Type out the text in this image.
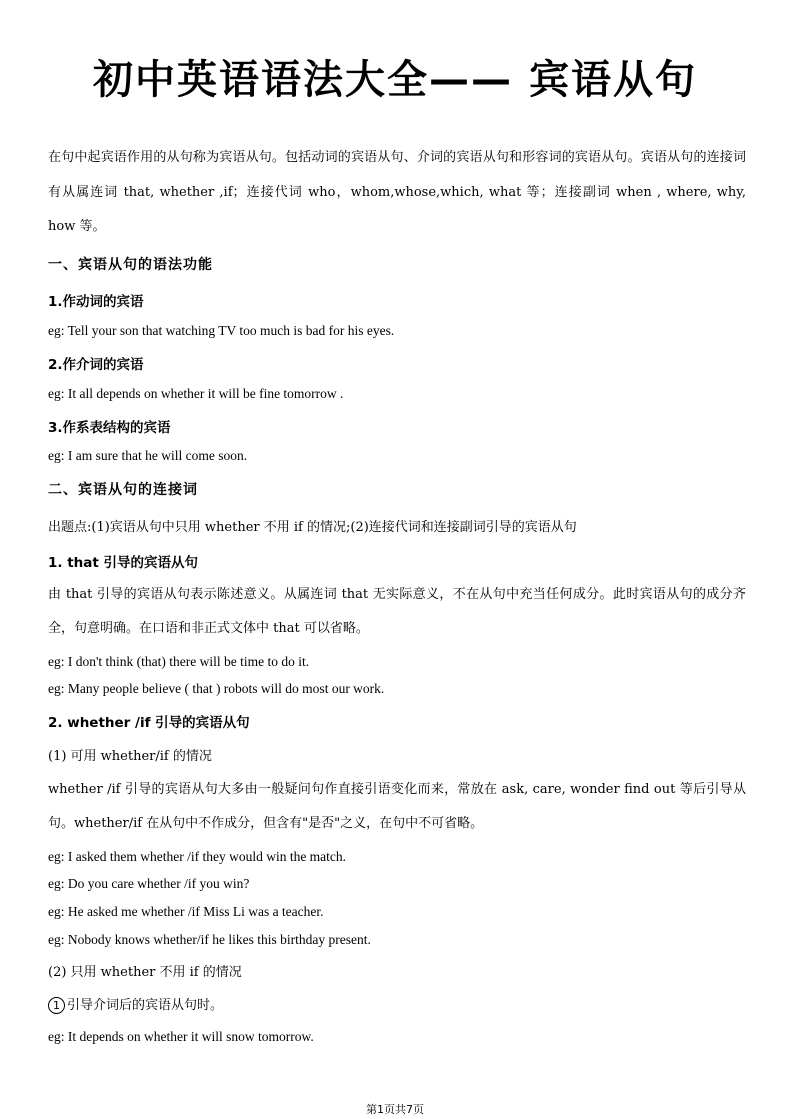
初中英语语法大全—— 宾语从句
在句中起宾语作用的从句称为宾语从句。包括动词的宾语从句、介词的宾语从句和形容词的宾语从句。宾语从句的连接词有从属连词 that, whether ,if；连接代词 who，whom,whose,which, what 等；连接副词 when , where, why, how 等。
一、宾语从句的语法功能
1.作动词的宾语
eg: Tell your son that watching TV too much is bad for his eyes.
2.作介词的宾语
eg: It all depends on whether it will be fine tomorrow .
3.作系表结构的宾语
eg: I am sure that he will come soon.
二、宾语从句的连接词
出题点:(1)宾语从句中只用 whether 不用 if 的情况;(2)连接代词和连接副词引导的宾语从句
1. that 引导的宾语从句
由 that 引导的宾语从句表示陈述意义。从属连词 that 无实际意义，不在从句中充当任何成分。此时宾语从句的成分齐全，句意明确。在口语和非正式文体中 that 可以省略。
eg: I don't think (that) there will be time to do it.
eg: Many people believe ( that ) robots will do most our work.
2. whether /if 引导的宾语从句
(1) 可用 whether/if 的情况
whether /if 引导的宾语从句大多由一般疑问句作直接引语变化而来，常放在 ask, care, wonder find out 等后引导从句。whether/if 在从句中不作成分，但含有"是否"之义，在句中不可省略。
eg: I asked them whether /if they would win the match.
eg: Do you care whether /if you win?
eg: He asked me whether /if Miss Li was a teacher.
eg: Nobody knows whether/if he likes this birthday present.
(2) 只用 whether 不用 if 的情况
1 引导介词后的宾语从句时。
eg: It depends on whether it will snow tomorrow.
第1页共7页
